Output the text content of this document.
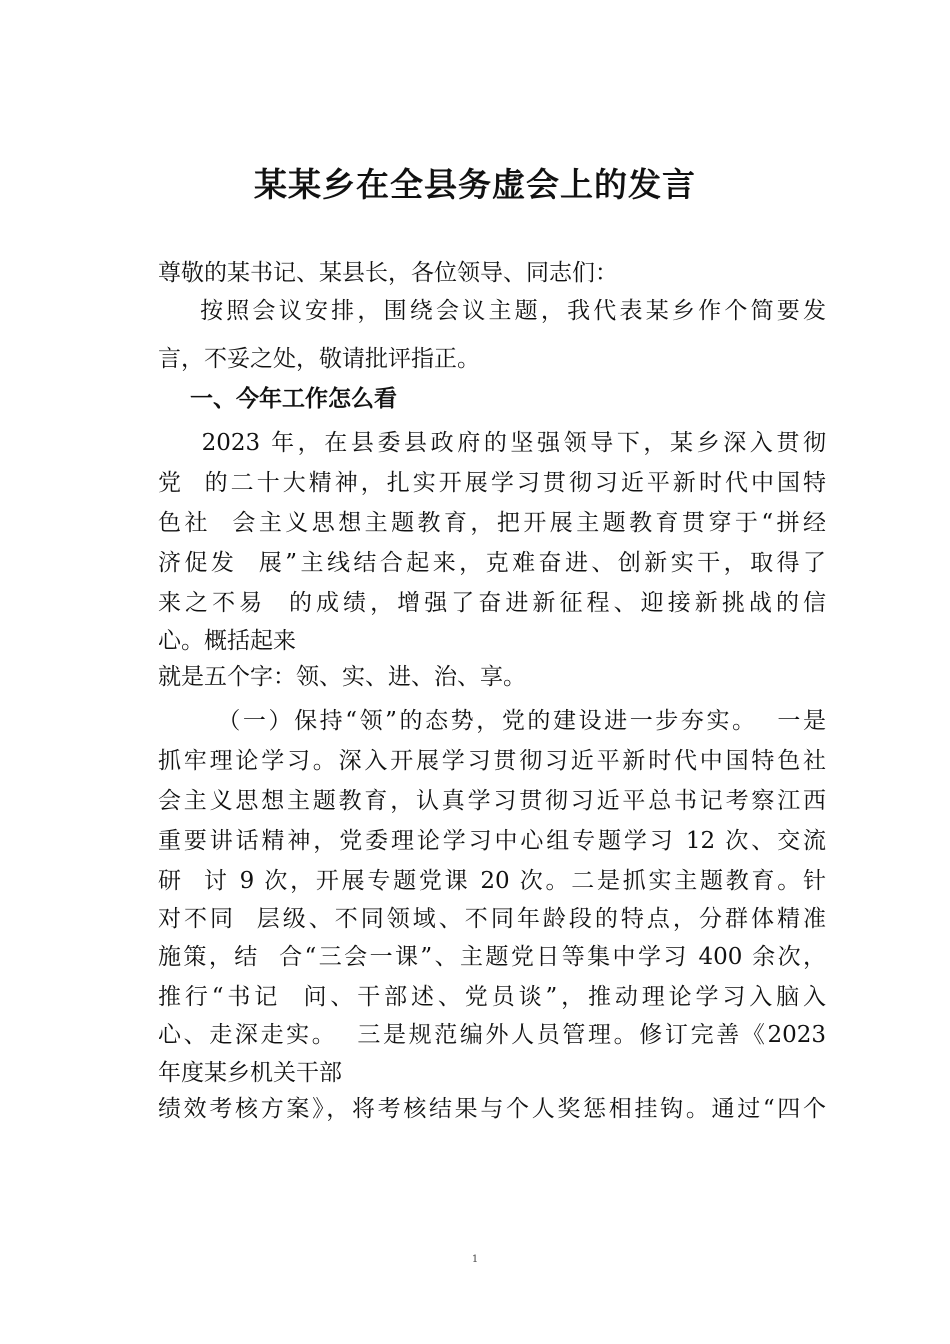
某某乡在全县务虚会上的发言

尊敬的某书记、某县长，各位领导、同志们：

按照会议安排，围绕会议主题，我代表某乡作个简要发

言，不妥之处，敬请批评指正。

一、今年工作怎么看

2023 年，在县委县政府的坚强领导下，某乡深入贯彻

党  的二十大精神，扎实开展学习贯彻习近平新时代中国特

色社  会主义思想主题教育，把开展主题教育贯穿于“拼经

济促发  展”主线结合起来，克难奋进、创新实干，取得了

来之不易  的成绩，增强了奋进新征程、迎接新挑战的信

心。概括起来

就是五个字：领、实、进、治、享。

（一）保持“领”的态势，党的建设进一步夯实。  一是

抓牢理论学习。深入开展学习贯彻习近平新时代中国特色社

会主义思想主题教育，认真学习贯彻习近平总书记考察江西

重要讲话精神，党委理论学习中心组专题学习 12 次、交流

研  讨 9 次，开展专题党课 20 次。二是抓实主题教育。针

对不同  层级、不同领域、不同年龄段的特点，分群体精准

施策，结  合“三会一课”、主题党日等集中学习 400 余次，

推行“书记  问、干部述、党员谈”，推动理论学习入脑入

心、走深走实。  三是规范编外人员管理。修订完善《2023

年度某乡机关干部

绩效考核方案》，将考核结果与个人奖惩相挂钩。通过“四个

1
